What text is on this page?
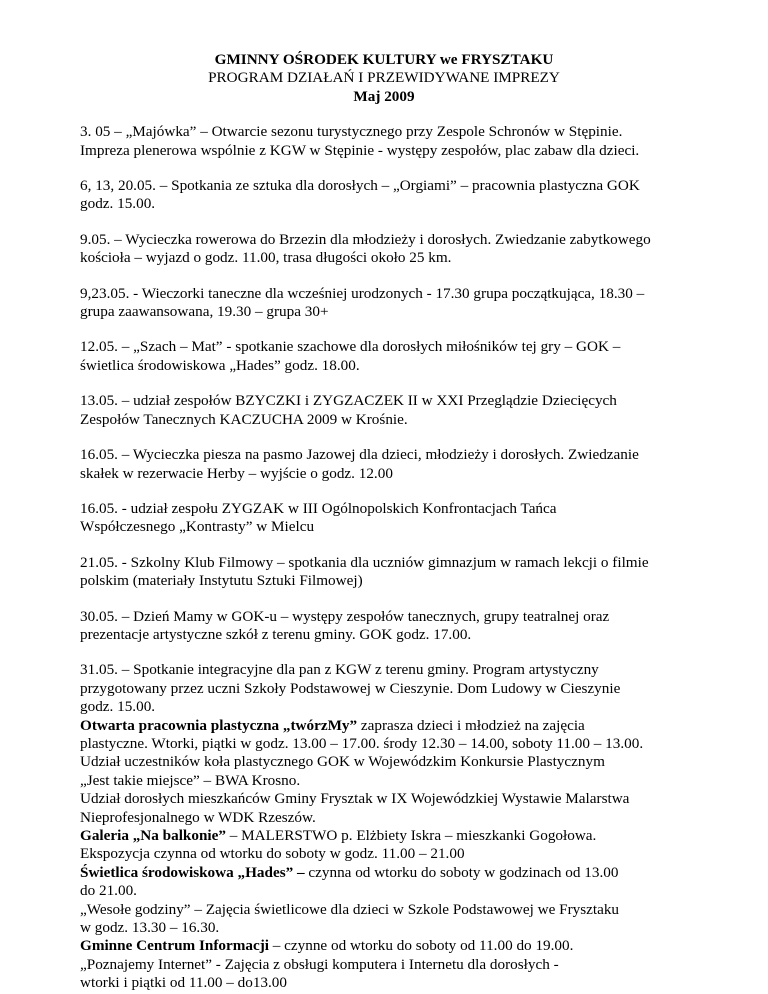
GMINNY OŚRODEK KULTURY we FRYSZTAKU
PROGRAM DZIAŁAŃ I PRZEWIDYWANE IMPREZY
Maj 2009

3. 05 – „Majówka” – Otwarcie sezonu turystycznego przy Zespole Schronów w Stępinie.
Impreza plenerowa wspólnie z KGW w Stępinie - występy zespołów, plac zabaw dla dzieci.

6, 13, 20.05. – Spotkania ze sztuka dla dorosłych – „Orgiami” – pracownia plastyczna GOK
godz. 15.00.

9.05. – Wycieczka rowerowa do Brzezin dla młodzieży i dorosłych. Zwiedzanie zabytkowego
kościoła – wyjazd o godz. 11.00, trasa długości około 25 km.

9,23.05. - Wieczorki taneczne dla wcześniej urodzonych - 17.30 grupa początkująca, 18.30 –
grupa zaawansowana, 19.30 – grupa 30+

12.05. – „Szach – Mat” - spotkanie szachowe dla dorosłych miłośników tej gry – GOK –
świetlica środowiskowa „Hades” godz. 18.00.

13.05. – udział zespołów BZYCZKI i ZYGZACZEK II w XXI Przeglądzie Dziecięcych
Zespołów Tanecznych KACZUCHA 2009 w Krośnie.

16.05. – Wycieczka piesza na pasmo Jazowej dla dzieci, młodzieży i dorosłych. Zwiedzanie
skałek w rezerwacie Herby – wyjście o godz. 12.00

16.05. - udział zespołu ZYGZAK w III Ogólnopolskich Konfrontacjach Tańca
Współczesnego „Kontrasty” w Mielcu

21.05. - Szkolny Klub Filmowy – spotkania dla uczniów gimnazjum w ramach lekcji o filmie
polskim (materiały Instytutu Sztuki Filmowej)

30.05. – Dzień Mamy w GOK-u – występy zespołów tanecznych, grupy teatralnej oraz
prezentacje artystyczne szkół z terenu gminy. GOK godz. 17.00.

31.05. – Spotkanie integracyjne dla pan z KGW z terenu gminy. Program artystyczny
przygotowany przez uczni Szkoły Podstawowej w Cieszynie. Dom Ludowy w Cieszynie
godz. 15.00.
Otwarta pracownia plastyczna „twórzMy” zaprasza dzieci i młodzież na zajęcia
plastyczne. Wtorki, piątki w godz. 13.00 – 17.00. środy 12.30 – 14.00, soboty 11.00 – 13.00.
Udział uczestników koła plastycznego GOK w Wojewódzkim Konkursie Plastycznym
„Jest takie miejsce” – BWA Krosno.
Udział dorosłych mieszkańców Gminy Frysztak w IX Wojewódzkiej Wystawie Malarstwa
Nieprofesjonalnego w WDK Rzeszów.
Galeria „Na balkonie” – MALERSTWO p. Elżbiety Iskra – mieszkanki Gogołowa.
Ekspozycja czynna od wtorku do soboty w godz. 11.00 – 21.00
Świetlica środowiskowa „Hades” – czynna od wtorku do soboty w godzinach od 13.00
do 21.00.
„Wesołe godziny” – Zajęcia świetlicowe dla dzieci w Szkole Podstawowej we Frysztaku
w godz. 13.30 – 16.30.
Gminne Centrum Informacji – czynne od wtorku do soboty od 11.00 do 19.00.
„Poznajemy Internet” - Zajęcia z obsługi komputera i Internetu dla dorosłych -
wtorki i piątki od 11.00 – do13.00
